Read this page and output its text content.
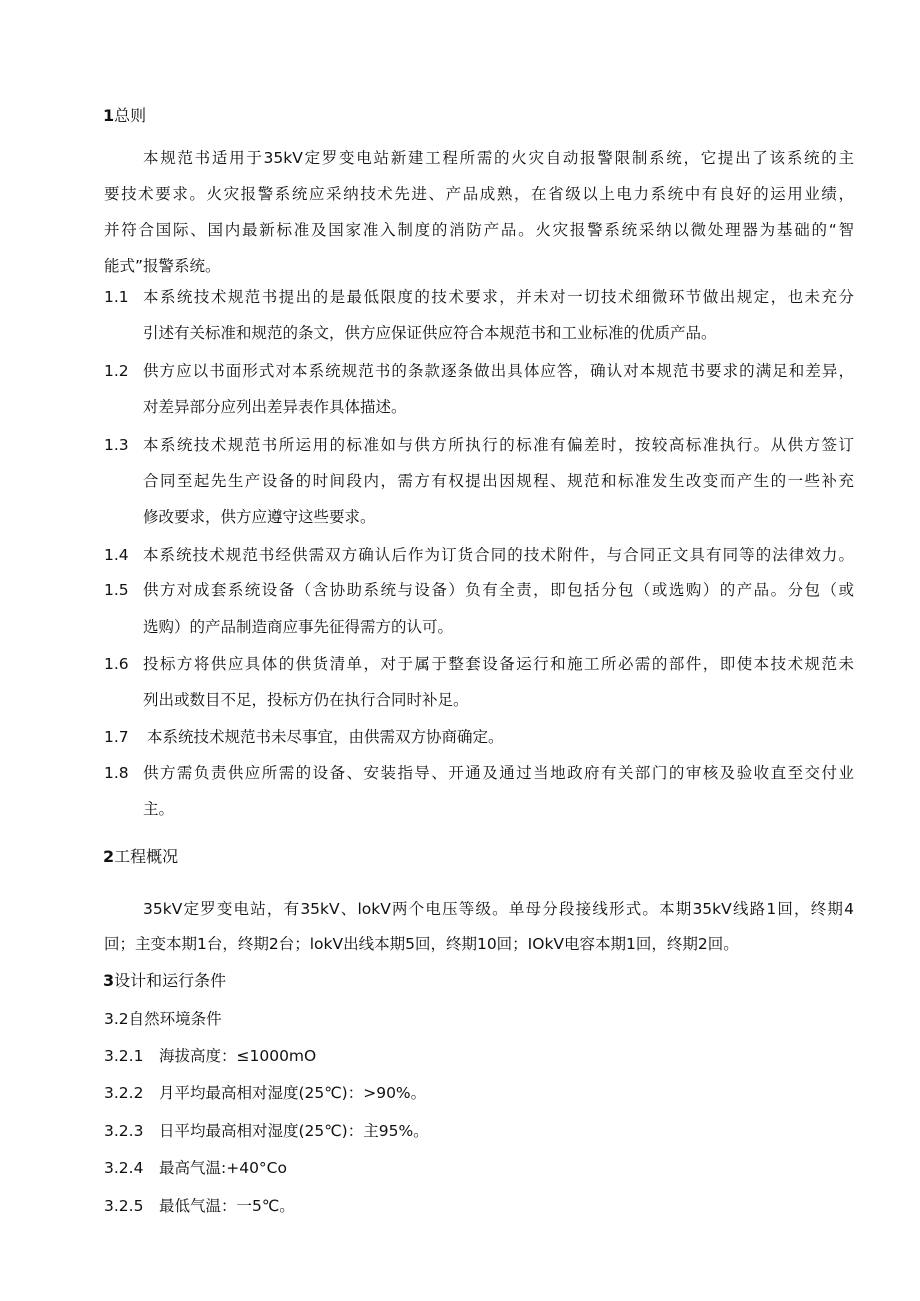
1总则
本规范书适用于35kV定罗变电站新建工程所需的火灾自动报警限制系统，它提出了该系统的主
要技术要求。火灾报警系统应采纳技术先进、产品成熟，在省级以上电力系统中有良好的运用业绩，
并符合国际、国内最新标准及国家准入制度的消防产品。火灾报警系统采纳以微处理器为基础的“智
能式”报警系统。
1.1 本系统技术规范书提出的是最低限度的技术要求，并未对一切技术细微环节做出规定，也未充分
引述有关标准和规范的条文，供方应保证供应符合本规范书和工业标准的优质产品。
1.2 供方应以书面形式对本系统规范书的条款逐条做出具体应答，确认对本规范书要求的满足和差异，
对差异部分应列出差异表作具体描述。
1.3 本系统技术规范书所运用的标准如与供方所执行的标准有偏差时，按较高标准执行。从供方签订
合同至起先生产设备的时间段内，需方有权提出因规程、规范和标准发生改变而产生的一些补充
修改要求，供方应遵守这些要求。
1.4 本系统技术规范书经供需双方确认后作为订货合同的技术附件，与合同正文具有同等的法律效力。
1.5 供方对成套系统设备（含协助系统与设备）负有全责，即包括分包（或选购）的产品。分包（或
选购）的产品制造商应事先征得需方的认可。
1.6 投标方将供应具体的供货清单，对于属于整套设备运行和施工所必需的部件，即使本技术规范未
列出或数目不足，投标方仍在执行合同时补足。
1.7 本系统技术规范书未尽事宜，由供需双方协商确定。
1.8 供方需负责供应所需的设备、安装指导、开通及通过当地政府有关部门的审核及验收直至交付业
主。
2工程概况
35kV定罗变电站，有35kV、lokV两个电压等级。单母分段接线形式。本期35kV线路1回，终期4
回；主变本期1台，终期2台；lokV出线本期5回，终期10回；IOkV电容本期1回，终期2回。
3设计和运行条件
3.2自然环境条件
3.2.1 海拔高度：≤1000mO
3.2.2 月平均最高相对湿度(25℃)：>90%。
3.2.3 日平均最高相对湿度(25℃)：主95%。
3.2.4 最高气温:+40°Co
3.2.5 最低气温：一5℃。
